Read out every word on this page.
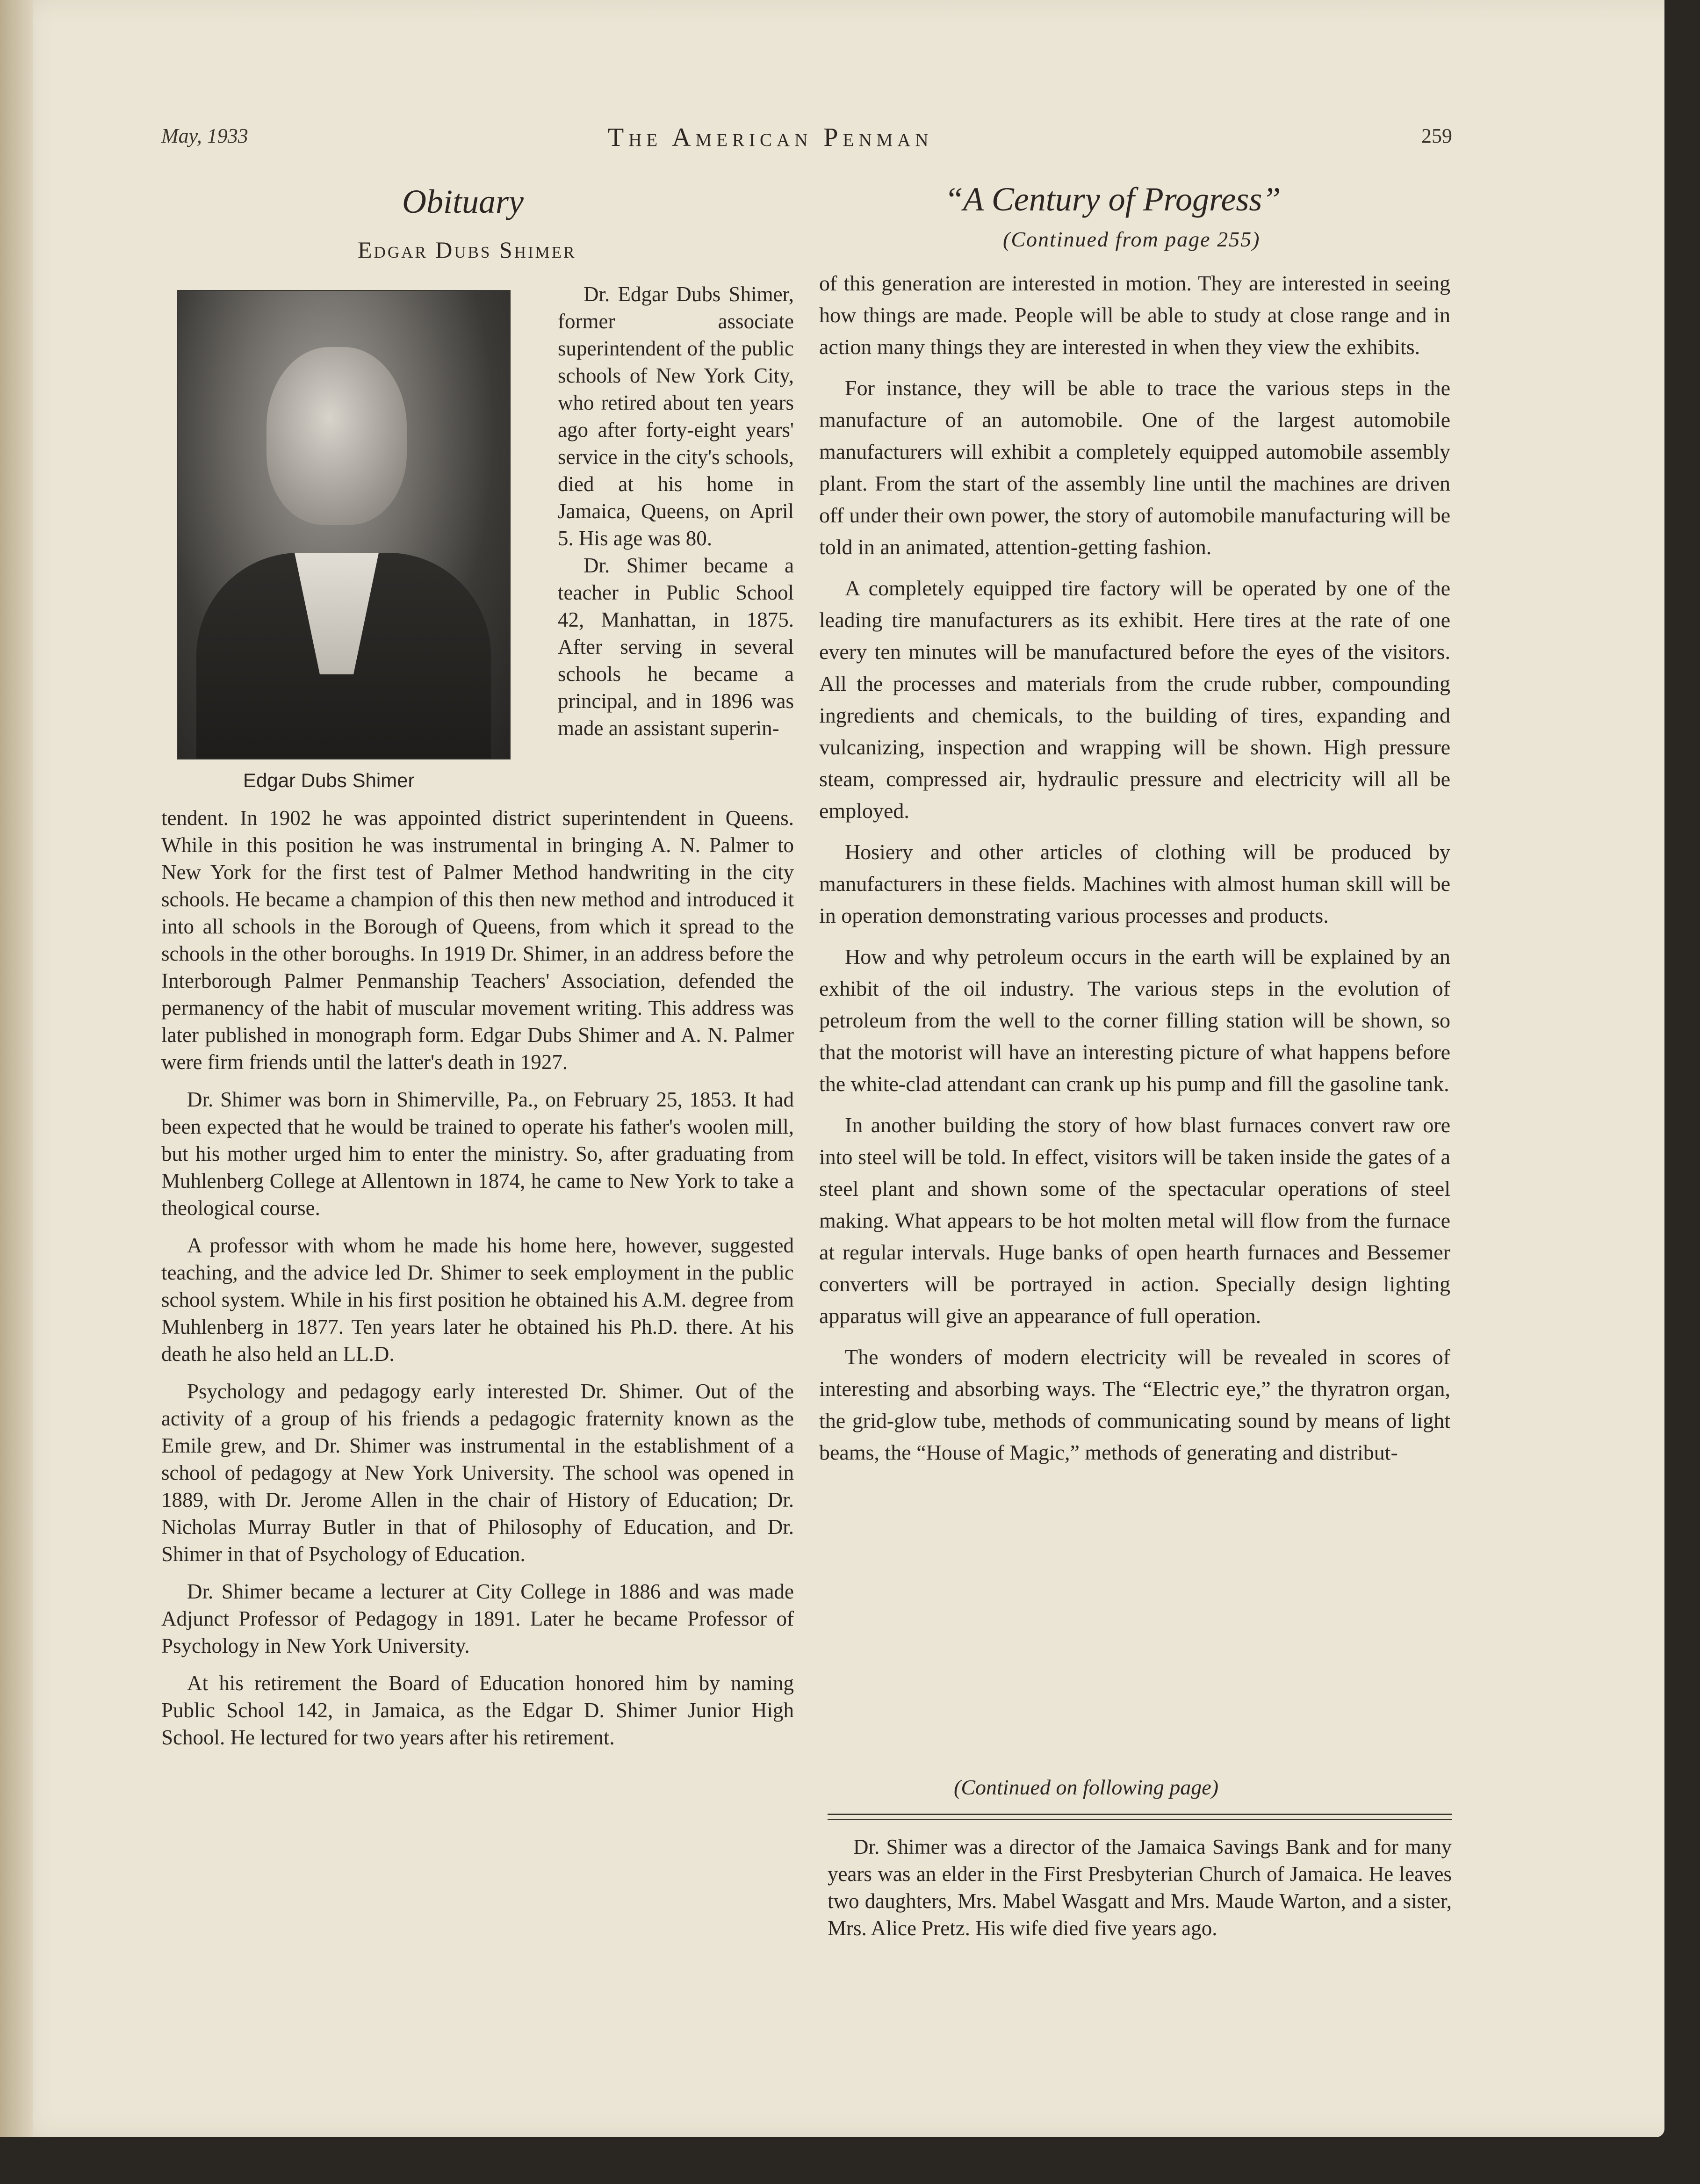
May, 1933	The American Penman	259
Obituary
Edgar Dubs Shimer
Edgar Dubs Shimer

Dr. Edgar Dubs Shimer, former associate superintendent of the public schools of New York City, who retired about ten years ago after forty-eight years' service in the city's schools, died at his home in Jamaica, Queens, on April 5. His age was 80.

Dr. Shimer became a teacher in Public School 42, Manhattan, in 1875. After serving in several schools he became a principal, and in 1896 was made an assistant superin-

tendent. In 1902 he was appointed district superintendent in Queens. While in this position he was instrumental in bringing A. N. Palmer to New York for the first test of Palmer Method handwriting in the city schools. He became a champion of this then new method and introduced it into all schools in the Borough of Queens, from which it spread to the schools in the other boroughs. In 1919 Dr. Shimer, in an address before the Interborough Palmer Penmanship Teachers' Association, defended the permanency of the habit of muscular movement writing. This address was later published in monograph form. Edgar Dubs Shimer and A. N. Palmer were firm friends until the latter's death in 1927.

Dr. Shimer was born in Shimerville, Pa., on February 25, 1853. It had been expected that he would be trained to operate his father's woolen mill, but his mother urged him to enter the ministry. So, after graduating from Muhlenberg College at Allentown in 1874, he came to New York to take a theological course.

A professor with whom he made his home here, however, suggested teaching, and the advice led Dr. Shimer to seek employment in the public school system. While in his first position he obtained his A.M. degree from Muhlenberg in 1877. Ten years later he obtained his Ph.D. there. At his death he also held an LL.D.

Psychology and pedagogy early interested Dr. Shimer. Out of the activity of a group of his friends a pedagogic fraternity known as the Emile grew, and Dr. Shimer was instrumental in the establishment of a school of pedagogy at New York University. The school was opened in 1889, with Dr. Jerome Allen in the chair of History of Education; Dr. Nicholas Murray Butler in that of Philosophy of Education, and Dr. Shimer in that of Psychology of Education.

Dr. Shimer became a lecturer at City College in 1886 and was made Adjunct Professor of Pedagogy in 1891. Later he became Professor of Psychology in New York University.

At his retirement the Board of Education honored him by naming Public School 142, in Jamaica, as the Edgar D. Shimer Junior High School. He lectured for two years after his retirement.

“A Century of Progress”
(Continued from page 255)

of this generation are interested in motion. They are interested in seeing how things are made. People will be able to study at close range and in action many things they are interested in when they view the exhibits.

For instance, they will be able to trace the various steps in the manufacture of an automobile. One of the largest automobile manufacturers will exhibit a completely equipped automobile assembly plant. From the start of the assembly line until the machines are driven off under their own power, the story of automobile manufacturing will be told in an animated, attention-getting fashion.

A completely equipped tire factory will be operated by one of the leading tire manufacturers as its exhibit. Here tires at the rate of one every ten minutes will be manufactured before the eyes of the visitors. All the processes and materials from the crude rubber, compounding ingredients and chemicals, to the building of tires, expanding and vulcanizing, inspection and wrapping will be shown. High pressure steam, compressed air, hydraulic pressure and electricity will all be employed.

Hosiery and other articles of clothing will be produced by manufacturers in these fields. Machines with almost human skill will be in operation demonstrating various processes and products.

How and why petroleum occurs in the earth will be explained by an exhibit of the oil industry. The various steps in the evolution of petroleum from the well to the corner filling station will be shown, so that the motorist will have an interesting picture of what happens before the white-clad attendant can crank up his pump and fill the gasoline tank.

In another building the story of how blast furnaces convert raw ore into steel will be told. In effect, visitors will be taken inside the gates of a steel plant and shown some of the spectacular operations of steel making. What appears to be hot molten metal will flow from the furnace at regular intervals. Huge banks of open hearth furnaces and Bessemer converters will be portrayed in action. Specially design lighting apparatus will give an appearance of full operation.

The wonders of modern electricity will be revealed in scores of interesting and absorbing ways. The “Electric eye,” the thyratron organ, the grid-glow tube, methods of communicating sound by means of light beams, the “House of Magic,” methods of generating and distribut-

(Continued on following page)

Dr. Shimer was a director of the Jamaica Savings Bank and for many years was an elder in the First Presbyterian Church of Jamaica. He leaves two daughters, Mrs. Mabel Wasgatt and Mrs. Maude Warton, and a sister, Mrs. Alice Pretz. His wife died five years ago.
